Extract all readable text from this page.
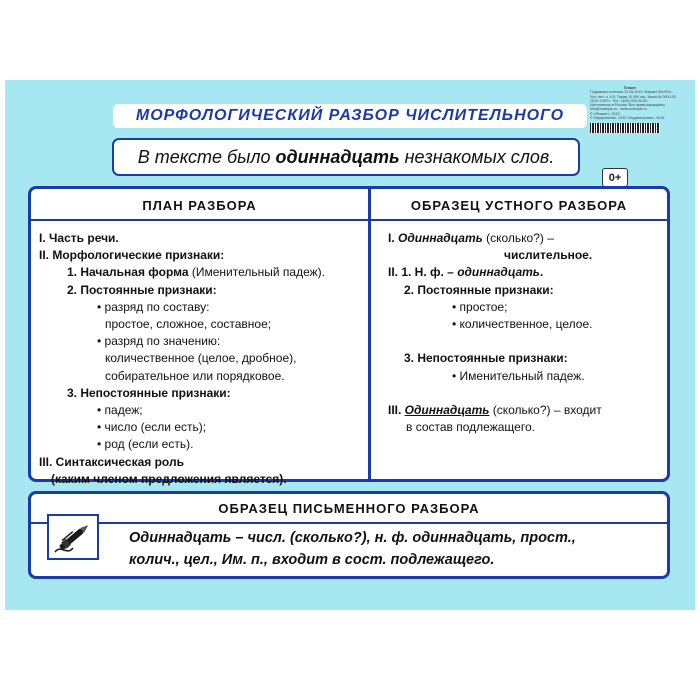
МОРФОЛОГИЧЕСКИЙ РАЗБОР ЧИСЛИТЕЛЬНОГО
Плакат
Подписано в печать 12.05.2019. Формат 60х90/4.
Усл. печ. л. 0,5. Тираж 10 000 экз. Заказ № 0000-00.
ООО «ХИТ». Тел.: (495) 000-00-00.
Изготовлено в России. Все права защищены.
info@example.ru · www.example.ru
© «Плакат», 2019
© Оформление. ООО «Издательство», 2019
0+
В тексте было одиннадцать незнакомых слов.
ПЛАН РАЗБОРА	ОБРАЗЕЦ УСТНОГО РАЗБОРА
I. Часть речи.
II. Морфологические признаки:
1. Начальная форма (Именительный падеж).
2. Постоянные признаки:
• разряд по составу:
простое, сложное, составное;
• разряд по значению:
количественное (целое, дробное),
собирательное или порядковое.
3. Непостоянные признаки:
• падеж;
• число (если есть);
• род (если есть).
III. Синтаксическая роль
(каким членом предложения является).
I. Одиннадцать (сколько?) –
числительное.
II. 1. Н. ф. – одиннадцать.
2. Постоянные признаки:
• простое;
• количественное, целое.

3. Непостоянные признаки:
• Именительный падеж.

III. Одиннадцать (сколько?) – входит
в состав подлежащего.
ОБРАЗЕЦ ПИСЬМЕННОГО РАЗБОРА
Одиннадцать – числ. (сколько?), н. ф. одиннадцать, прост.,
колич., цел., Им. п., входит в сост. подлежащего.
